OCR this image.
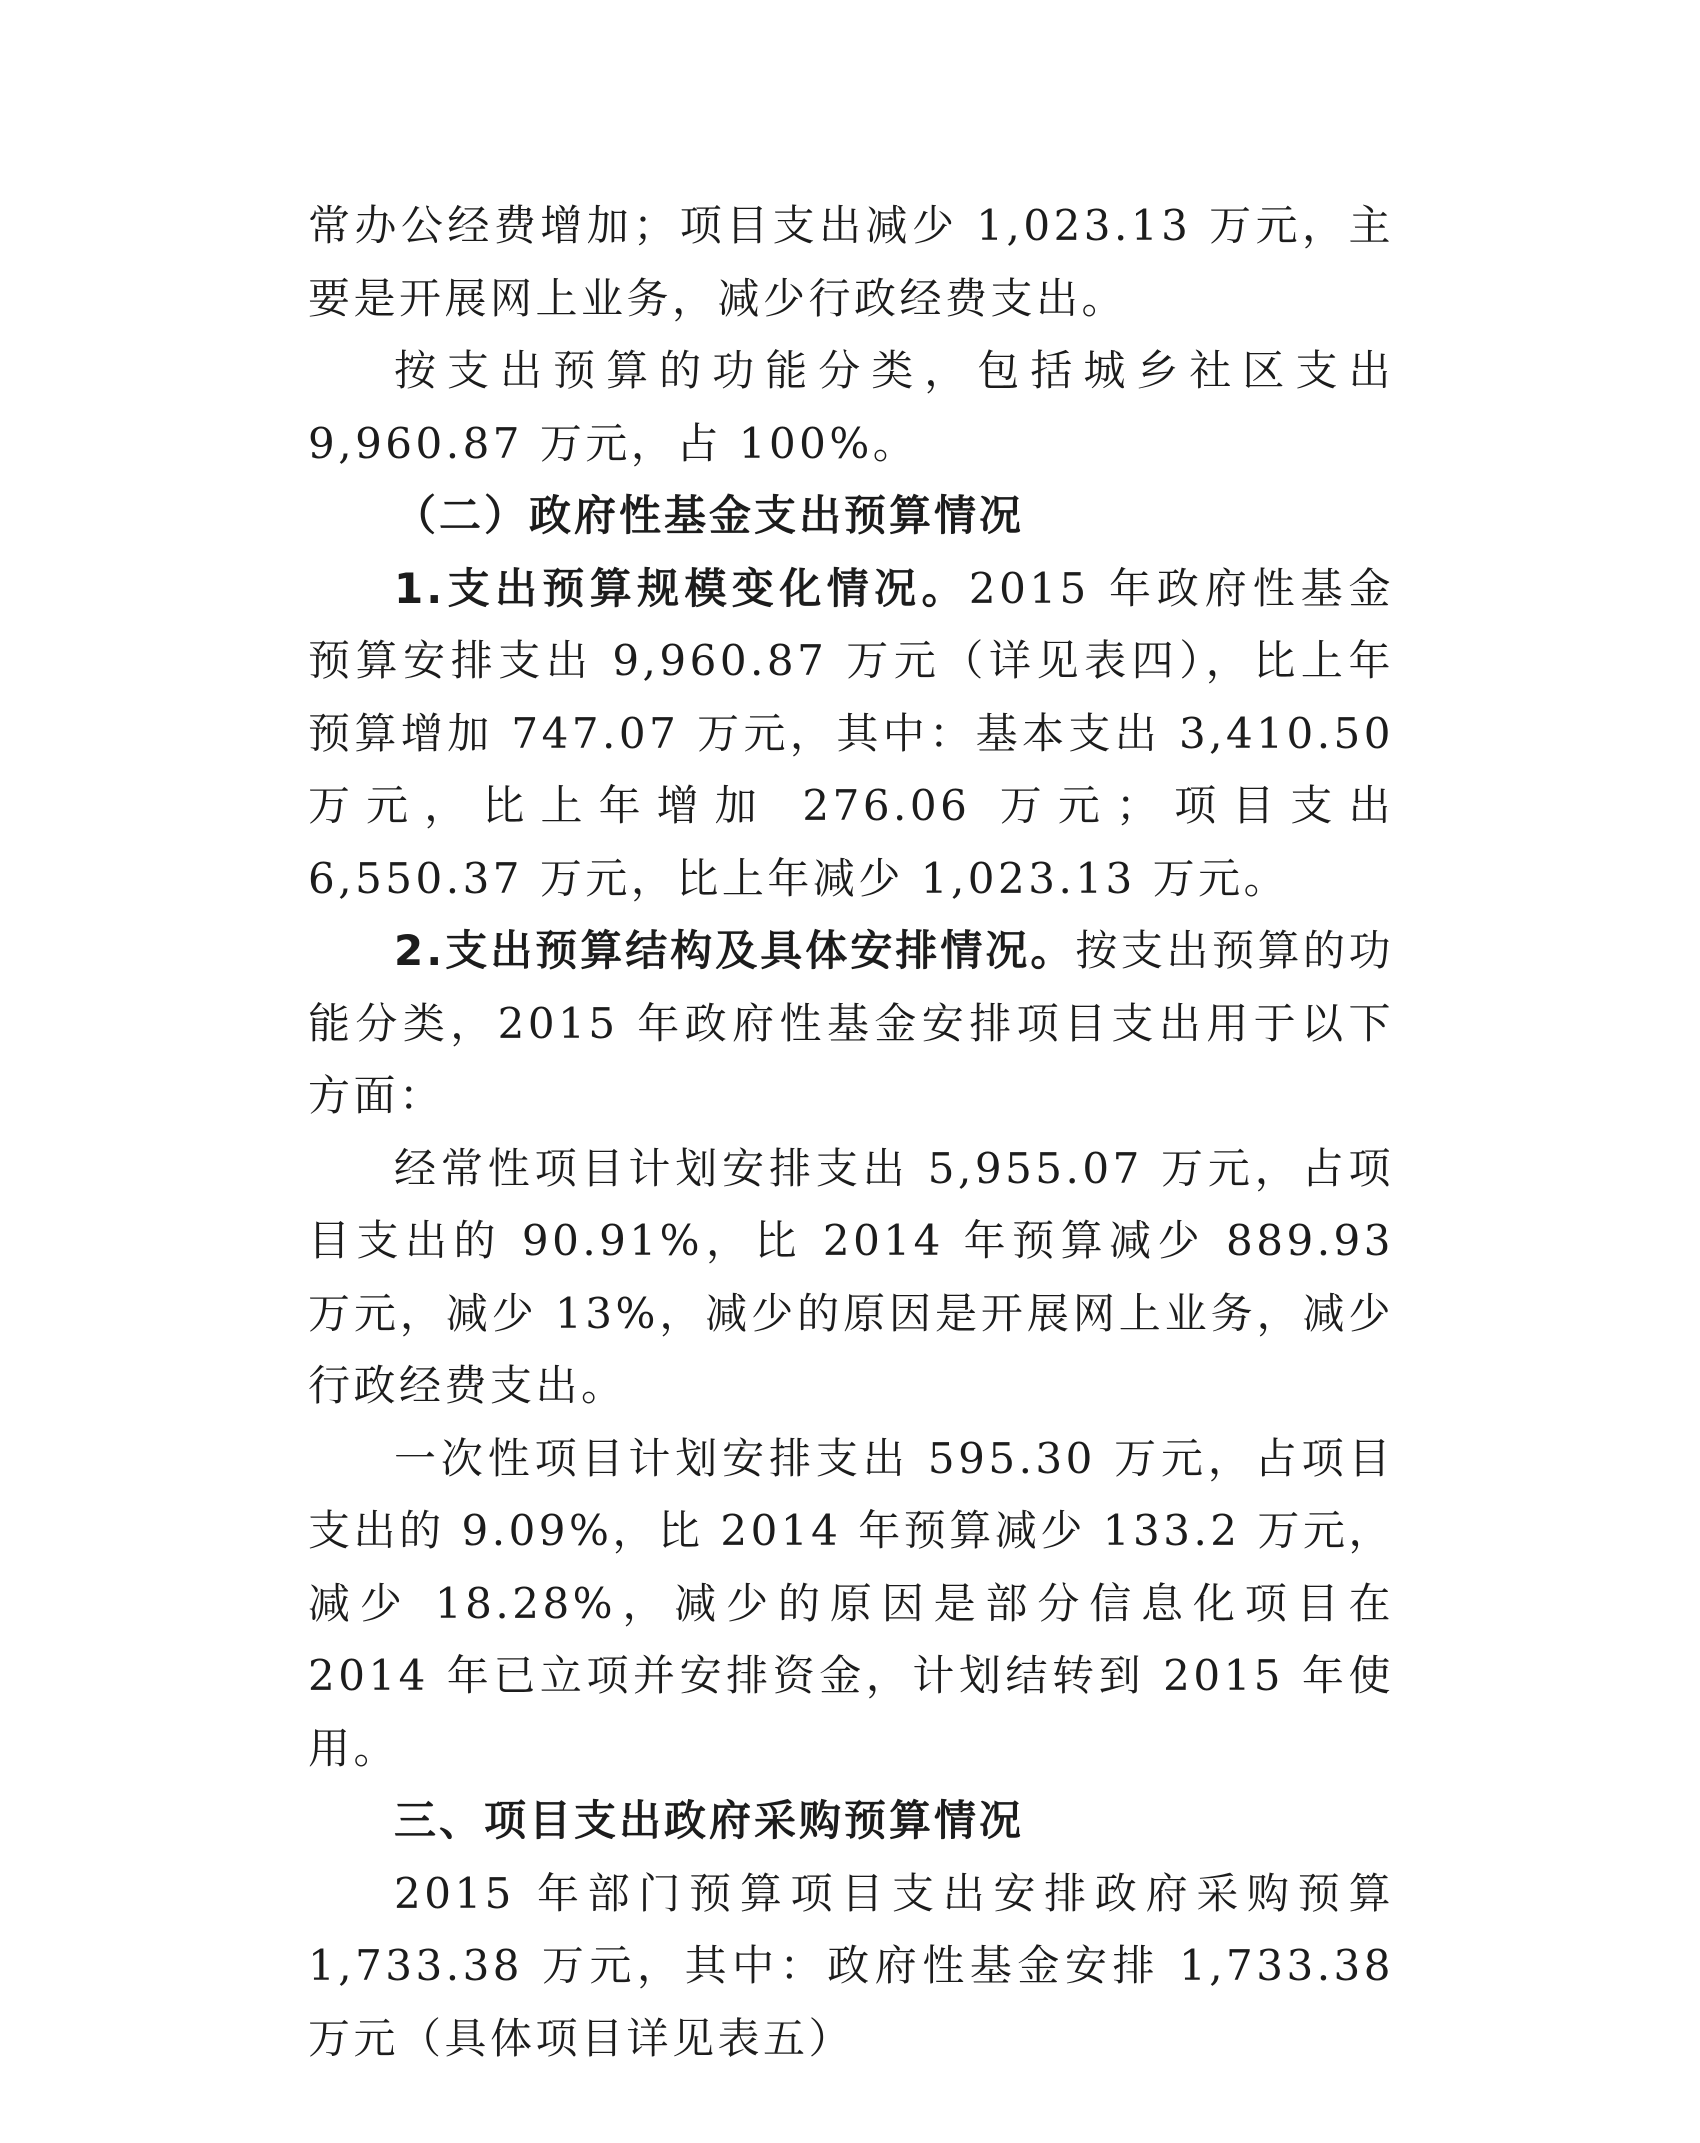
常办公经费增加；项目支出减少 1,023.13 万元，主要是开展网上业务，减少行政经费支出。

按支出预算的功能分类，包括城乡社区支出 9,960.87 万元，占 100%。

（二）政府性基金支出预算情况

1.支出预算规模变化情况。2015 年政府性基金预算安排支出 9,960.87 万元（详见表四），比上年预算增加 747.07 万元，其中：基本支出 3,410.50 万元，比上年增加 276.06 万元；项目支出 6,550.37 万元，比上年减少 1,023.13 万元。

2.支出预算结构及具体安排情况。按支出预算的功能分类，2015 年政府性基金安排项目支出用于以下方面：

经常性项目计划安排支出 5,955.07 万元，占项目支出的 90.91%，比 2014 年预算减少 889.93 万元，减少 13%，减少的原因是开展网上业务，减少行政经费支出。

一次性项目计划安排支出 595.30 万元，占项目支出的 9.09%，比 2014 年预算减少 133.2 万元，减少 18.28%，减少的原因是部分信息化项目在 2014 年已立项并安排资金，计划结转到 2015 年使用。

三、项目支出政府采购预算情况

2015 年部门预算项目支出安排政府采购预算 1,733.38 万元，其中：政府性基金安排 1,733.38 万元（具体项目详见表五）
